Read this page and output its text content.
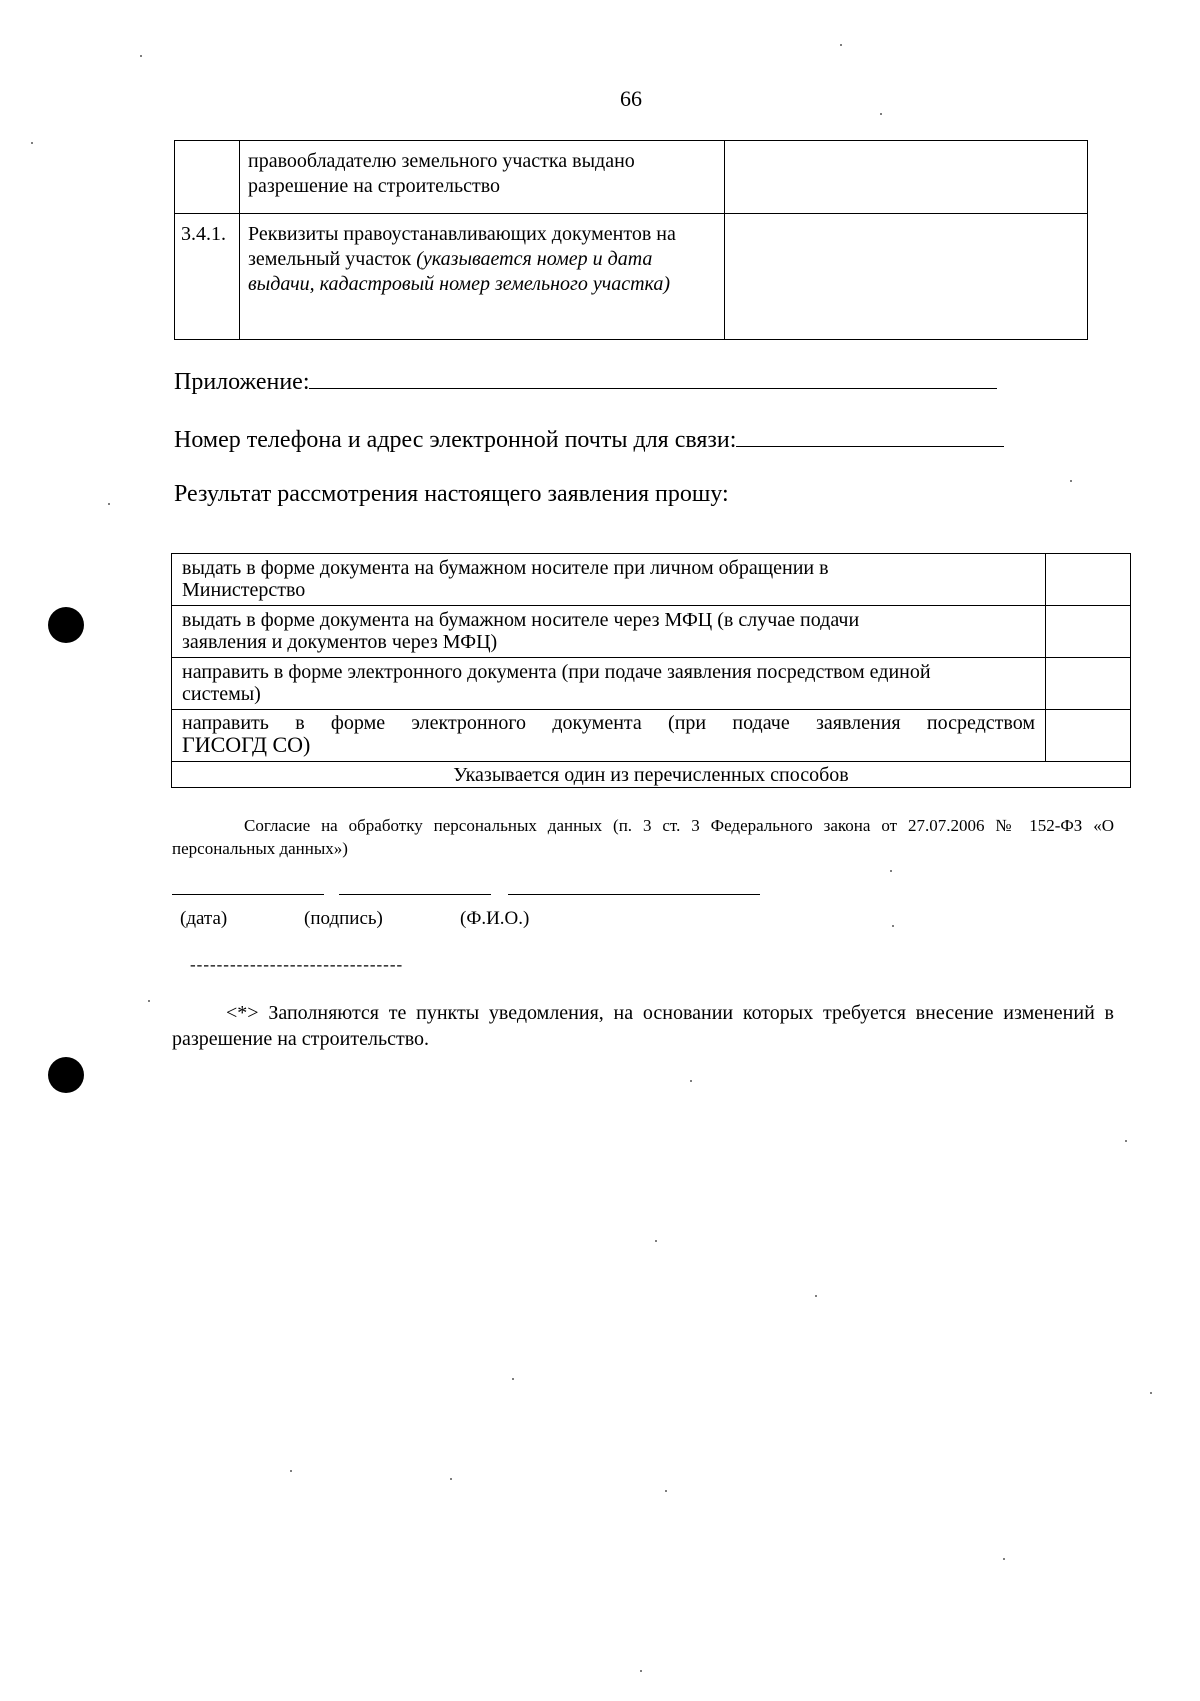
66
	правообладателю земельного участка выдано разрешение на строительство	
3.4.1.	Реквизиты правоустанавливающих документов на земельный участок (указывается номер и дата выдачи, кадастровый номер земельного участка)	
Приложение:
Номер телефона и адрес электронной почты для связи:
Результат рассмотрения настоящего заявления прошу:
выдать в форме документа на бумажном носителе при личном обращении в
Министерство	
выдать в форме документа на бумажном носителе через МФЦ (в случае подачи
заявления и документов через МФЦ)	
направить в форме электронного документа (при подаче заявления посредством единой
системы)	

направить в форме электронного документа (при подаче заявления посредством
ГИСОГД СО)	
Указывается один из перечисленных способов	
Согласие на обработку персональных данных (п. 3 ст. 3 Федерального закона от 27.07.2006 № 152-ФЗ «О персональных данных»)
(дата)	(подпись)	(Ф.И.О.)
--------------------------------
<*> Заполняются те пункты уведомления, на основании которых требуется внесение изменений в разрешение на строительство.
